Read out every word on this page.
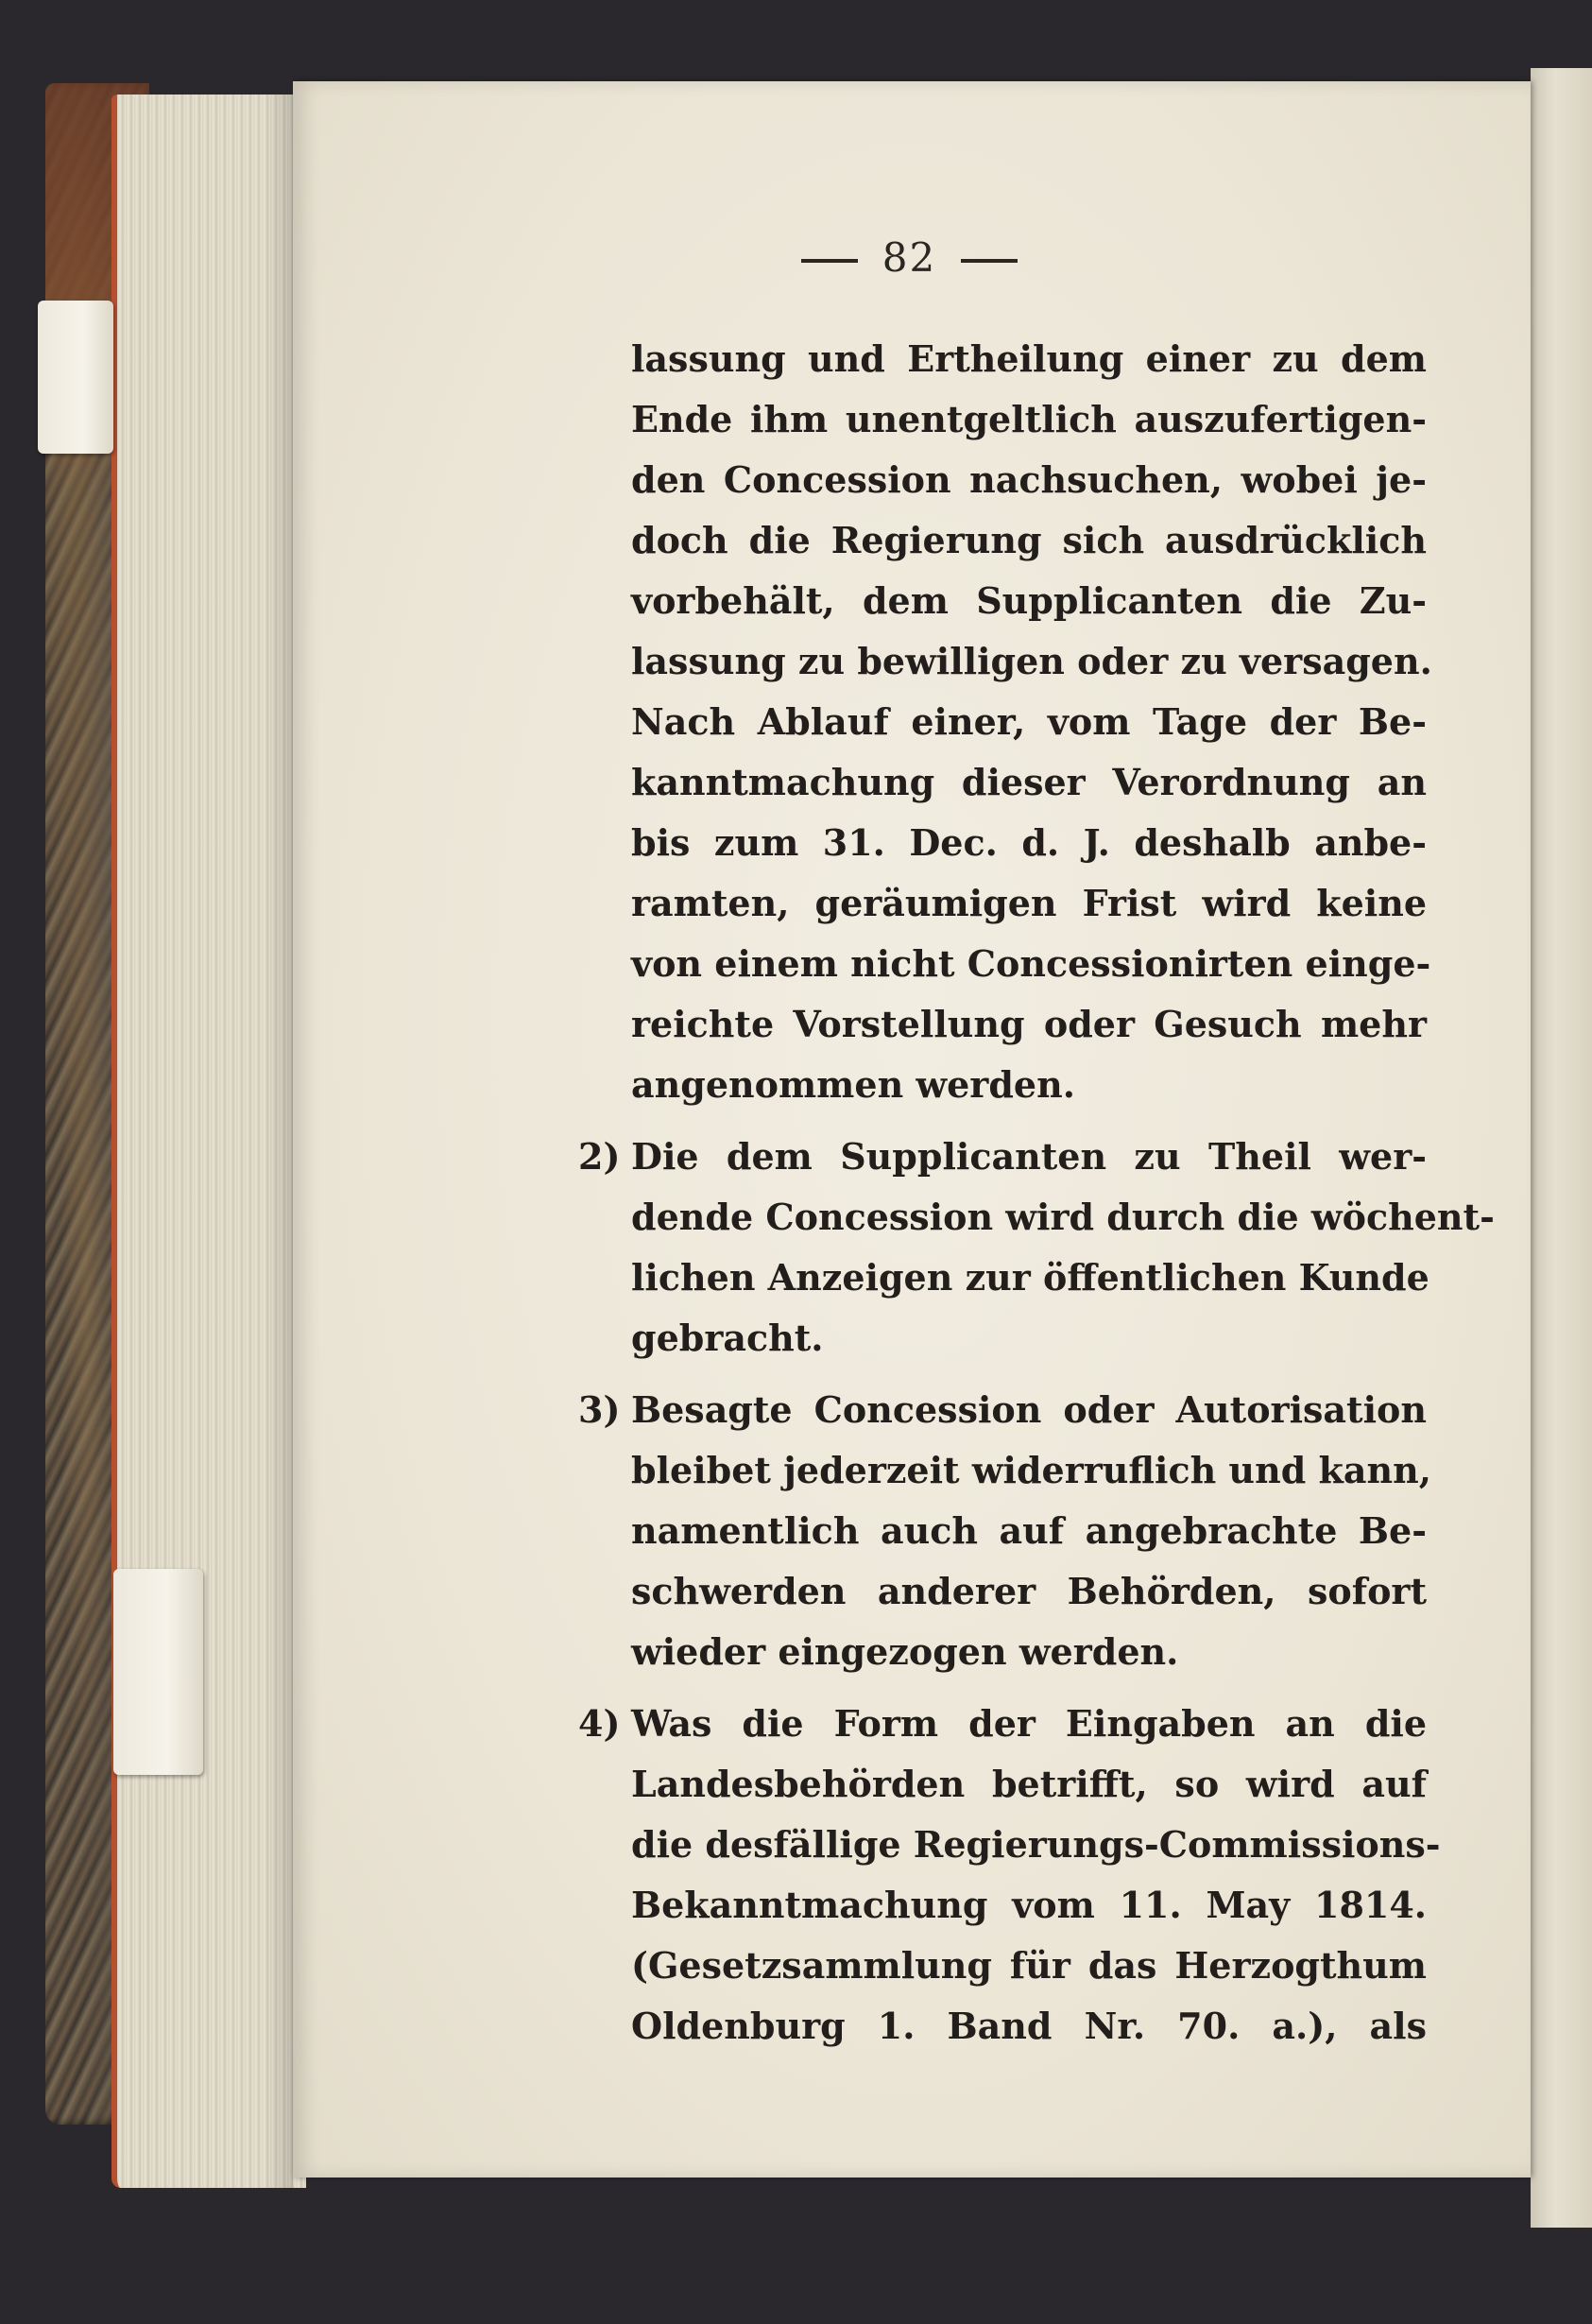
82
lassung und Ertheilung einer zu dem
Ende ihm unentgeltlich auszufertigen-
den Concession nachsuchen, wobei je-
doch die Regierung sich ausdrücklich
vorbehält, dem Supplicanten die Zu-
lassung zu bewilligen oder zu versagen.
Nach Ablauf einer, vom Tage der Be-
kanntmachung dieser Verordnung an
bis zum 31. Dec. d. J. deshalb anbe-
ramten, geräumigen Frist wird keine
von einem nicht Concessionirten einge-
reichte Vorstellung oder Gesuch mehr
angenommen werden.
2) Die dem Supplicanten zu Theil wer-
dende Concession wird durch die wöchent-
lichen Anzeigen zur öffentlichen Kunde
gebracht.
3) Besagte Concession oder Autorisation
bleibet jederzeit widerruflich und kann,
namentlich auch auf angebrachte Be-
schwerden anderer Behörden, sofort
wieder eingezogen werden.
4) Was die Form der Eingaben an die
Landesbehörden betrifft, so wird auf
die desfällige Regierungs-Commissions-
Bekanntmachung vom 11. May 1814.
(Gesetzsammlung für das Herzogthum
Oldenburg 1. Band Nr. 70. a.), als
